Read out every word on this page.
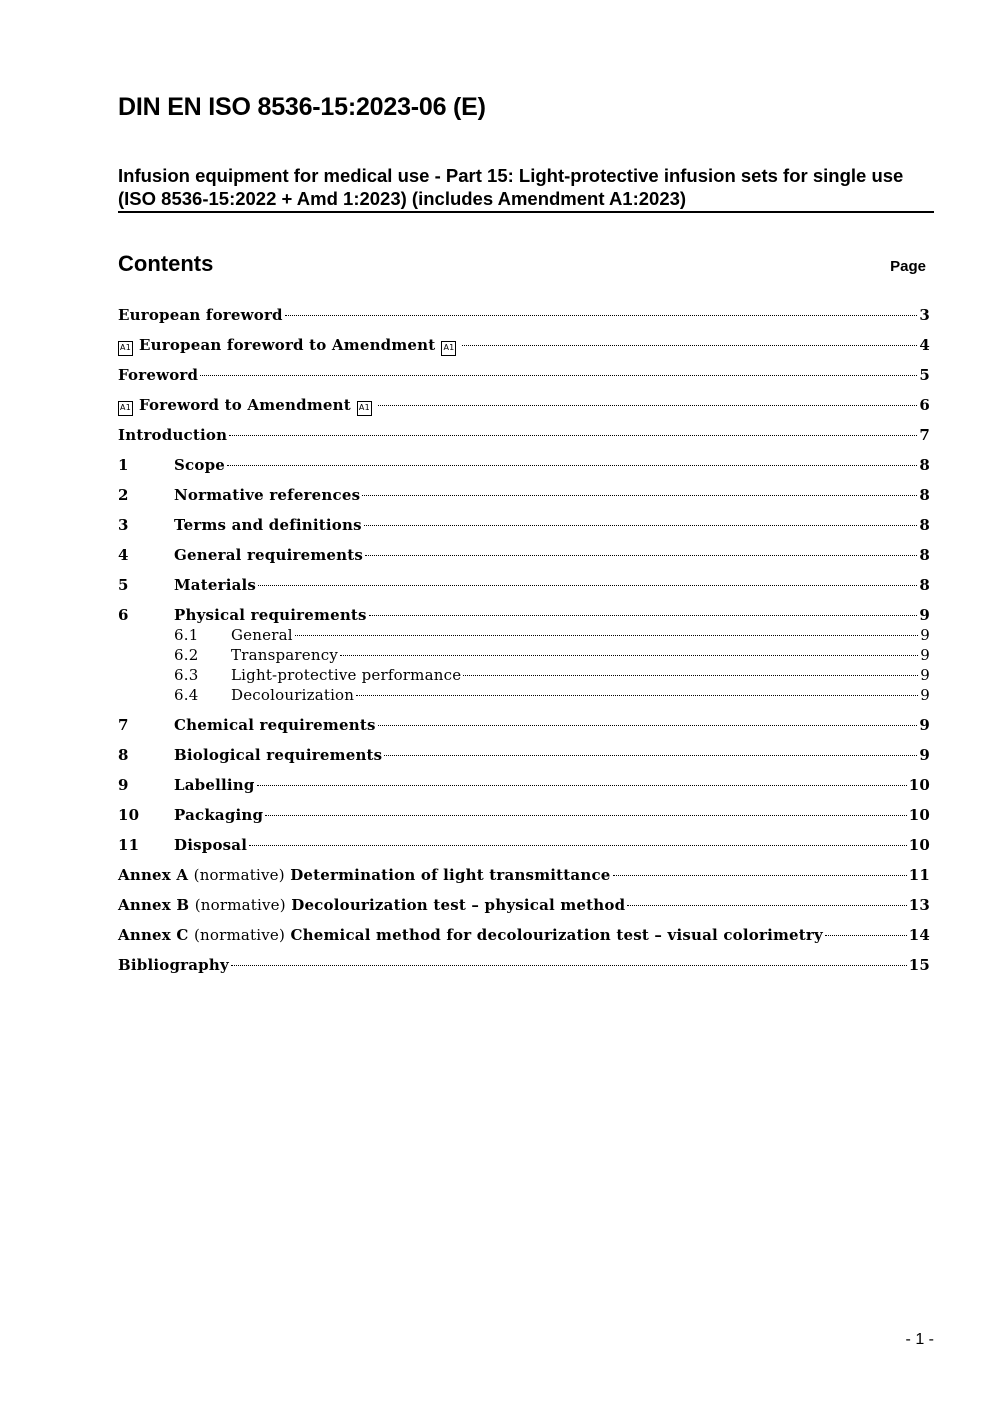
DIN EN ISO 8536-15:2023-06 (E)
Infusion equipment for medical use - Part 15: Light-protective infusion sets for single use (ISO 8536-15:2022 + Amd 1:2023) (includes Amendment A1:2023)
Contents	Page
European foreword	3
A1 European foreword to Amendment A1	4
Foreword	5
A1 Foreword to Amendment A1	6
Introduction	7
1	Scope	8
2	Normative references	8
3	Terms and definitions	8
4	General requirements	8
5	Materials	8
6	Physical requirements	9
6.1	General	9
6.2	Transparency	9
6.3	Light-protective performance	9
6.4	Decolourization	9
7	Chemical requirements	9
8	Biological requirements	9
9	Labelling	10
10	Packaging	10
11	Disposal	10
Annex A (normative) Determination of light transmittance	11
Annex B (normative) Decolourization test – physical method	13
Annex C (normative) Chemical method for decolourization test – visual colorimetry	14
Bibliography	15
- 1 -
